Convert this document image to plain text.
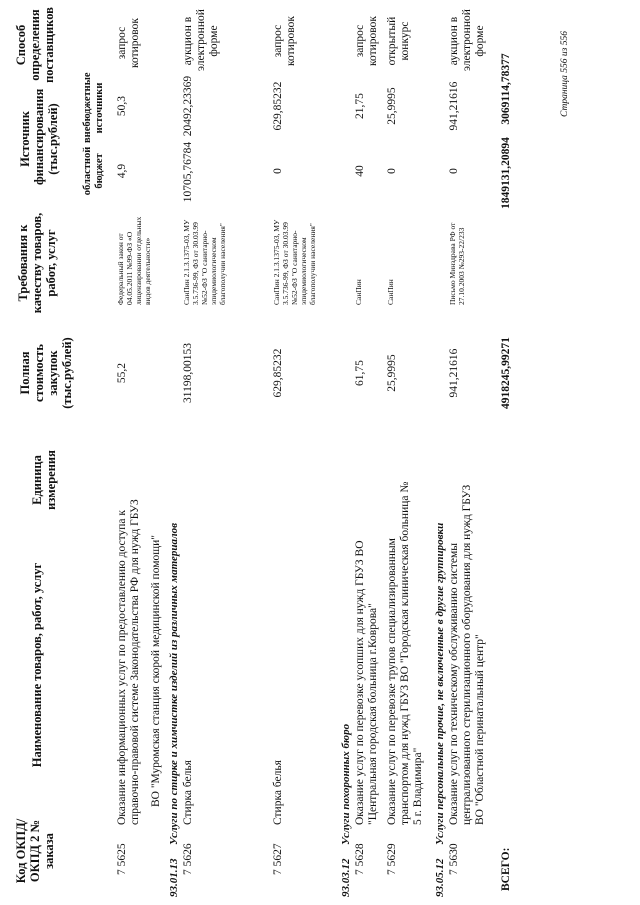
Код ОКПД/ ОКПД 2 № заказа
Наименование товаров, работ, услуг
Единица измерения
Полная стоимость закупок (тыс.рублей)
Требования к качеству товаров, работ, услуг
Источник финансирования (тыс.рублей) областной бюджет
внебюджетные источники
Способ определения поставщиков
7 5625
Оказание информационных услуг по предоставлению доступа к справочно-правовой системе Законодательства РФ для нужд ГБУЗ ВО "Муромская станция скорой медицинской помощи"
55,2
Федеральный закон от 04.05.2011 №99-ФЗ «О лицензировании отдельных видов деятельности»
4,9
50,3
запрос котировок
93.01.13
Услуги по стирке и химчистке изделий из различных материалов
7 5626
Стирка белья
31198,00153
СанПин 2.1.3.1375-03, МУ 3.5.736-99, ФЗ от 30.03.99 №52-ФЗ "О санитарно-эпидемиологическом благополучии населения"
10705,76784
20492,23369
аукцион в электронной форме
7 5627
Стирка белья
629,85232
СанПин 2.1.3.1375-03, МУ 3.5.736-99, ФЗ от 30.03.99 №52-ФЗ "О санитарно-эпидемиологическом благополучии населения"
0
629,85232
запрос котировок
93.03.12
Услуги похоронных бюро
7 5628
Оказание услуг по перевозке усопших для нужд ГБУЗ ВО "Центральная городская больница г.Коврова"
61,75
СанПин
40
21,75
запрос котировок
7 5629
Оказание услуг по перевозке трупов специализированным транспортом для нужд ГБУЗ ВО "Городская клиническая больница № 5 г. Владимира"
25,9995
СанПин
0
25,9995
открытый конкурс
93.05.12
Услуги персональные прочие, не включенные в другие группировки
7 5630
Оказание услуг по техническому обслуживанию системы централизованного стерилизационного оборудования для нужд ГБУЗ ВО "Областной перинатальный центр"
941,21616
Письмо Минздрава РФ от 27.10.2003 №293-22/233
0
941,21616
аукцион в электронной форме
ВСЕГО:
4918245,99271
1849131,20894
3069114,78377	Страница 556 из 556
